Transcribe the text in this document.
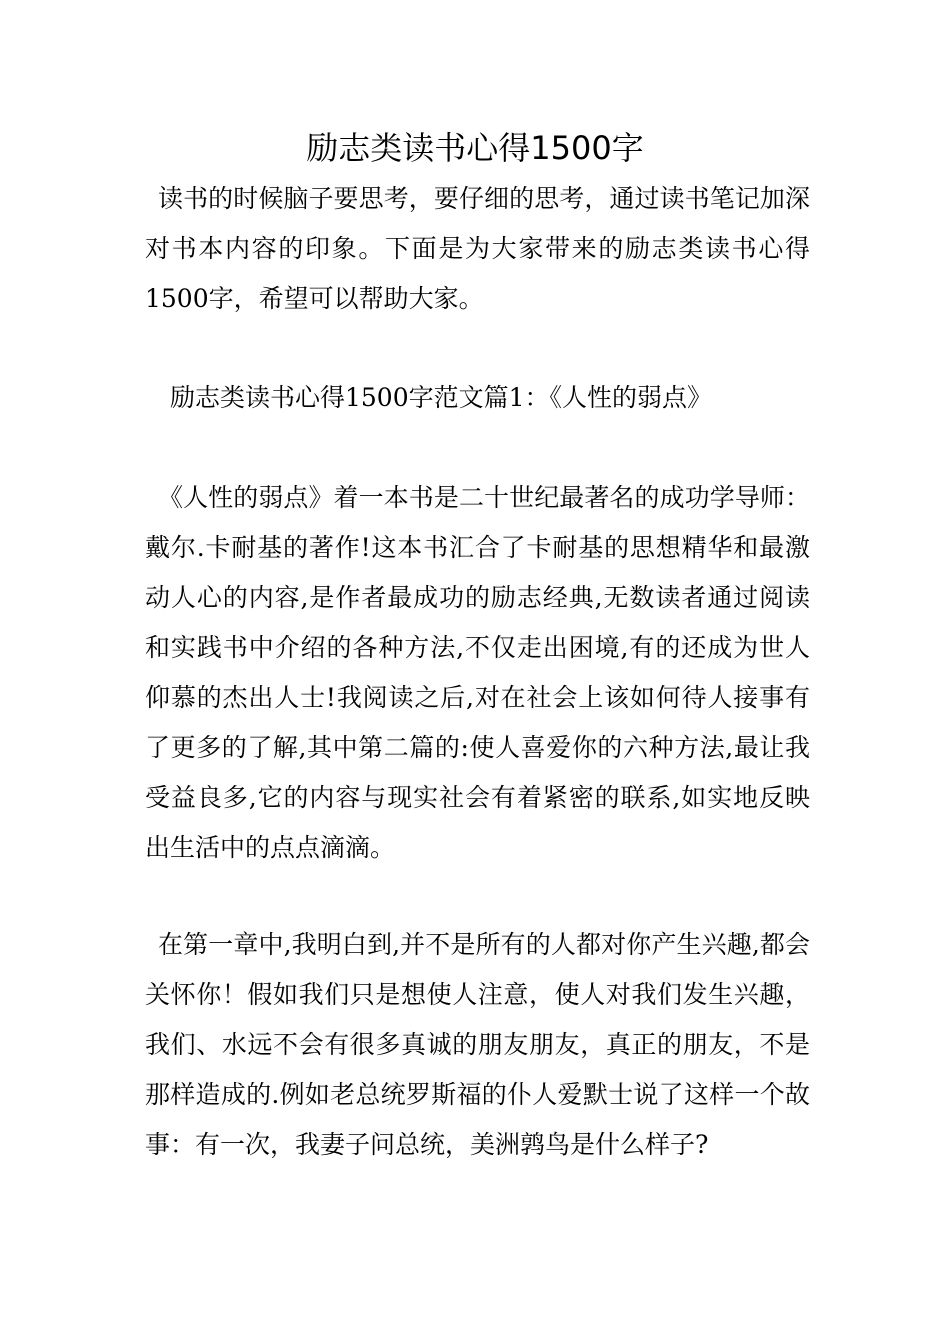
励志类读书心得1500字

读书的时候脑子要思考，要仔细的思考，通过读书笔记加深对书本内容的印象。下面是为大家带来的励志类读书心得1500字，希望可以帮助大家。

励志类读书心得1500字范文篇1：《人性的弱点》

《人性的弱点》着一本书是二十世纪最著名的成功学导师：戴尔.卡耐基的著作!这本书汇合了卡耐基的思想精华和最激动人心的内容,是作者最成功的励志经典,无数读者通过阅读和实践书中介绍的各种方法,不仅走出困境,有的还成为世人仰慕的杰出人士!我阅读之后,对在社会上该如何待人接事有了更多的了解,其中第二篇的:使人喜爱你的六种方法,最让我受益良多,它的内容与现实社会有着紧密的联系,如实地反映出生活中的点点滴滴。

在第一章中,我明白到,并不是所有的人都对你产生兴趣,都会关怀你！假如我们只是想使人注意，使人对我们发生兴趣，我们、水远不会有很多真诚的朋友朋友，真正的朋友，不是那样造成的.例如老总统罗斯福的仆人爱默士说了这样一个故事：有一次，我妻子问总统，美洲鹑鸟是什么样子?
